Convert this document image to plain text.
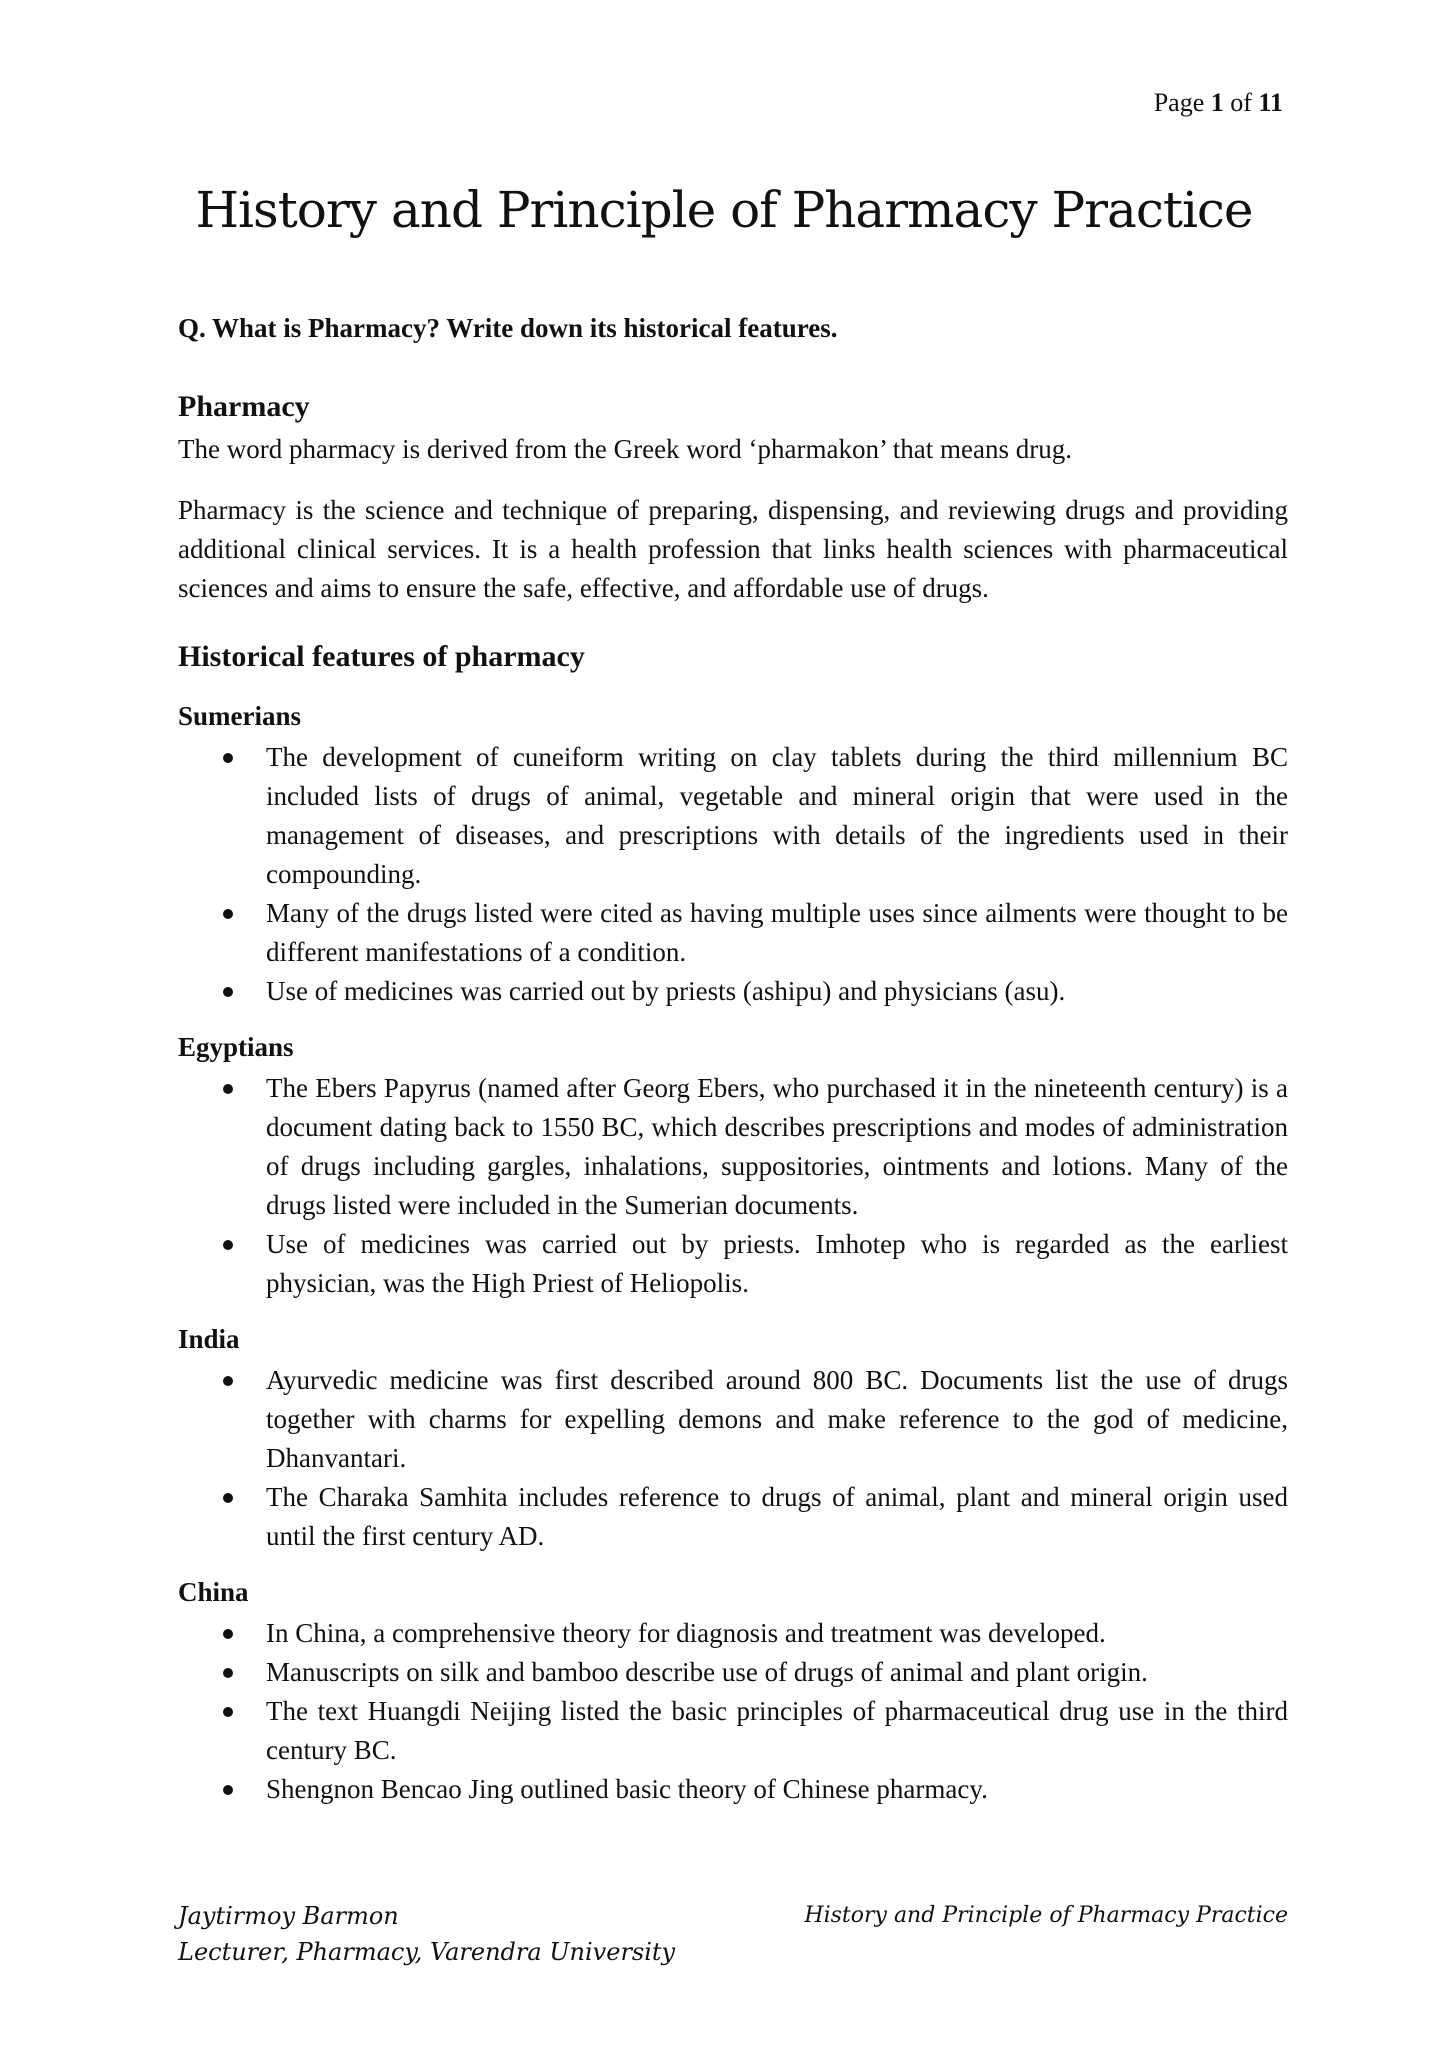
Page 1 of 11
History and Principle of Pharmacy Practice
Q. What is Pharmacy? Write down its historical features.
Pharmacy

The word pharmacy is derived from the Greek word ‘pharmakon’ that means drug.

Pharmacy is the science and technique of preparing, dispensing, and reviewing drugs and providing additional clinical services. It is a health profession that links health sciences with pharmaceutical sciences and aims to ensure the safe, effective, and affordable use of drugs.

Historical features of pharmacy
Sumerians
The development of cuneiform writing on clay tablets during the third millennium BC included lists of drugs of animal, vegetable and mineral origin that were used in the management of diseases, and prescriptions with details of the ingredients used in their compounding.
Many of the drugs listed were cited as having multiple uses since ailments were thought to be different manifestations of a condition.
Use of medicines was carried out by priests (ashipu) and physicians (asu).
Egyptians
The Ebers Papyrus (named after Georg Ebers, who purchased it in the nineteenth century) is a document dating back to 1550 BC, which describes prescriptions and modes of administration of drugs including gargles, inhalations, suppositories, ointments and lotions. Many of the drugs listed were included in the Sumerian documents.
Use of medicines was carried out by priests. Imhotep who is regarded as the earliest physician, was the High Priest of Heliopolis.
India
Ayurvedic medicine was first described around 800 BC. Documents list the use of drugs together with charms for expelling demons and make reference to the god of medicine, Dhanvantari.
The Charaka Samhita includes reference to drugs of animal, plant and mineral origin used until the first century AD.
China
In China, a comprehensive theory for diagnosis and treatment was developed.
Manuscripts on silk and bamboo describe use of drugs of animal and plant origin.
The text Huangdi Neijing listed the basic principles of pharmaceutical drug use in the third century BC.
Shengnon Bencao Jing outlined basic theory of Chinese pharmacy.
Jaytirmoy Barmon
Lecturer, Pharmacy, Varendra University
History and Principle of Pharmacy Practice
